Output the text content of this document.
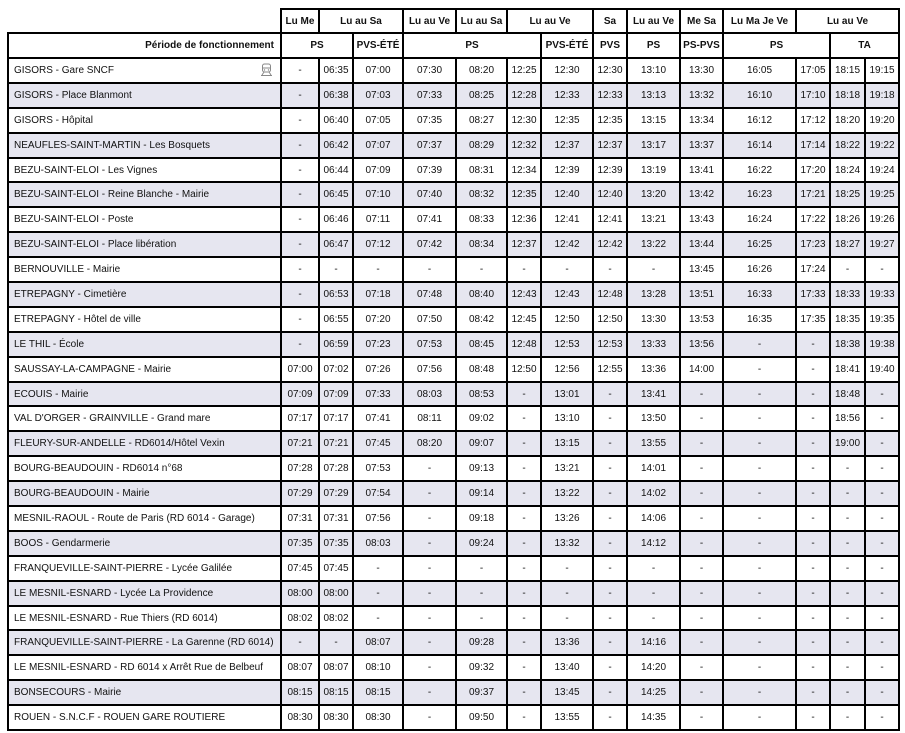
	Lu Me	Lu au Sa		Lu au Ve	Lu au Sa	Lu au Ve		Sa	Lu au Ve	Me Sa	Lu Ma Je Ve	Lu au Ve		
Période de fonctionnement	PS		PVS-ÉTÉ	PS			PVS-ÉTÉ	PVS	PS	PS-PVS	PS		TA	
GISORS - Gare SNCF	-	06:35	07:00	07:30	08:20	12:25	12:30	12:30	13:10	13:30	16:05	17:05	18:15	19:15
GISORS - Place Blanmont	-	06:38	07:03	07:33	08:25	12:28	12:33	12:33	13:13	13:32	16:10	17:10	18:18	19:18
GISORS - Hôpital	-	06:40	07:05	07:35	08:27	12:30	12:35	12:35	13:15	13:34	16:12	17:12	18:20	19:20
NEAUFLES-SAINT-MARTIN - Les Bosquets	-	06:42	07:07	07:37	08:29	12:32	12:37	12:37	13:17	13:37	16:14	17:14	18:22	19:22
BEZU-SAINT-ELOI - Les Vignes	-	06:44	07:09	07:39	08:31	12:34	12:39	12:39	13:19	13:41	16:22	17:20	18:24	19:24
BEZU-SAINT-ELOI - Reine Blanche - Mairie	-	06:45	07:10	07:40	08:32	12:35	12:40	12:40	13:20	13:42	16:23	17:21	18:25	19:25
BEZU-SAINT-ELOI - Poste	-	06:46	07:11	07:41	08:33	12:36	12:41	12:41	13:21	13:43	16:24	17:22	18:26	19:26
BEZU-SAINT-ELOI - Place libération	-	06:47	07:12	07:42	08:34	12:37	12:42	12:42	13:22	13:44	16:25	17:23	18:27	19:27
BERNOUVILLE - Mairie	-	-	-	-	-	-	-	-	-	13:45	16:26	17:24	-	-
ETREPAGNY - Cimetière	-	06:53	07:18	07:48	08:40	12:43	12:43	12:48	13:28	13:51	16:33	17:33	18:33	19:33
ETREPAGNY - Hôtel de ville	-	06:55	07:20	07:50	08:42	12:45	12:50	12:50	13:30	13:53	16:35	17:35	18:35	19:35
LE THIL - École	-	06:59	07:23	07:53	08:45	12:48	12:53	12:53	13:33	13:56	-	-	18:38	19:38
SAUSSAY-LA-CAMPAGNE - Mairie	07:00	07:02	07:26	07:56	08:48	12:50	12:56	12:55	13:36	14:00	-	-	18:41	19:40
ECOUIS - Mairie	07:09	07:09	07:33	08:03	08:53	-	13:01	-	13:41	-	-	-	18:48	-
VAL D'ORGER - GRAINVILLE - Grand mare	07:17	07:17	07:41	08:11	09:02	-	13:10	-	13:50	-	-	-	18:56	-
FLEURY-SUR-ANDELLE - RD6014/Hôtel Vexin	07:21	07:21	07:45	08:20	09:07	-	13:15	-	13:55	-	-	-	19:00	-
BOURG-BEAUDOUIN - RD6014 n°68	07:28	07:28	07:53	-	09:13	-	13:21	-	14:01	-	-	-	-	-
BOURG-BEAUDOUIN - Mairie	07:29	07:29	07:54	-	09:14	-	13:22	-	14:02	-	-	-	-	-
MESNIL-RAOUL - Route de Paris (RD 6014 - Garage)	07:31	07:31	07:56	-	09:18	-	13:26	-	14:06	-	-	-	-	-
BOOS - Gendarmerie	07:35	07:35	08:03	-	09:24	-	13:32	-	14:12	-	-	-	-	-
FRANQUEVILLE-SAINT-PIERRE - Lycée Galilée	07:45	07:45	-	-	-	-	-	-	-	-	-	-	-	-
LE MESNIL-ESNARD - Lycée La Providence	08:00	08:00	-	-	-	-	-	-	-	-	-	-	-	-
LE MESNIL-ESNARD - Rue Thiers (RD 6014)	08:02	08:02	-	-	-	-	-	-	-	-	-	-	-	-
FRANQUEVILLE-SAINT-PIERRE - La Garenne (RD 6014)	-	-	08:07	-	09:28	-	13:36	-	14:16	-	-	-	-	-
LE MESNIL-ESNARD - RD 6014 x Arrêt Rue de Belbeuf	08:07	08:07	08:10	-	09:32	-	13:40	-	14:20	-	-	-	-	-
BONSECOURS - Mairie	08:15	08:15	08:15	-	09:37	-	13:45	-	14:25	-	-	-	-	-
ROUEN - S.N.C.F - ROUEN GARE ROUTIERE	08:30	08:30	08:30	-	09:50	-	13:55	-	14:35	-	-	-	-	-
